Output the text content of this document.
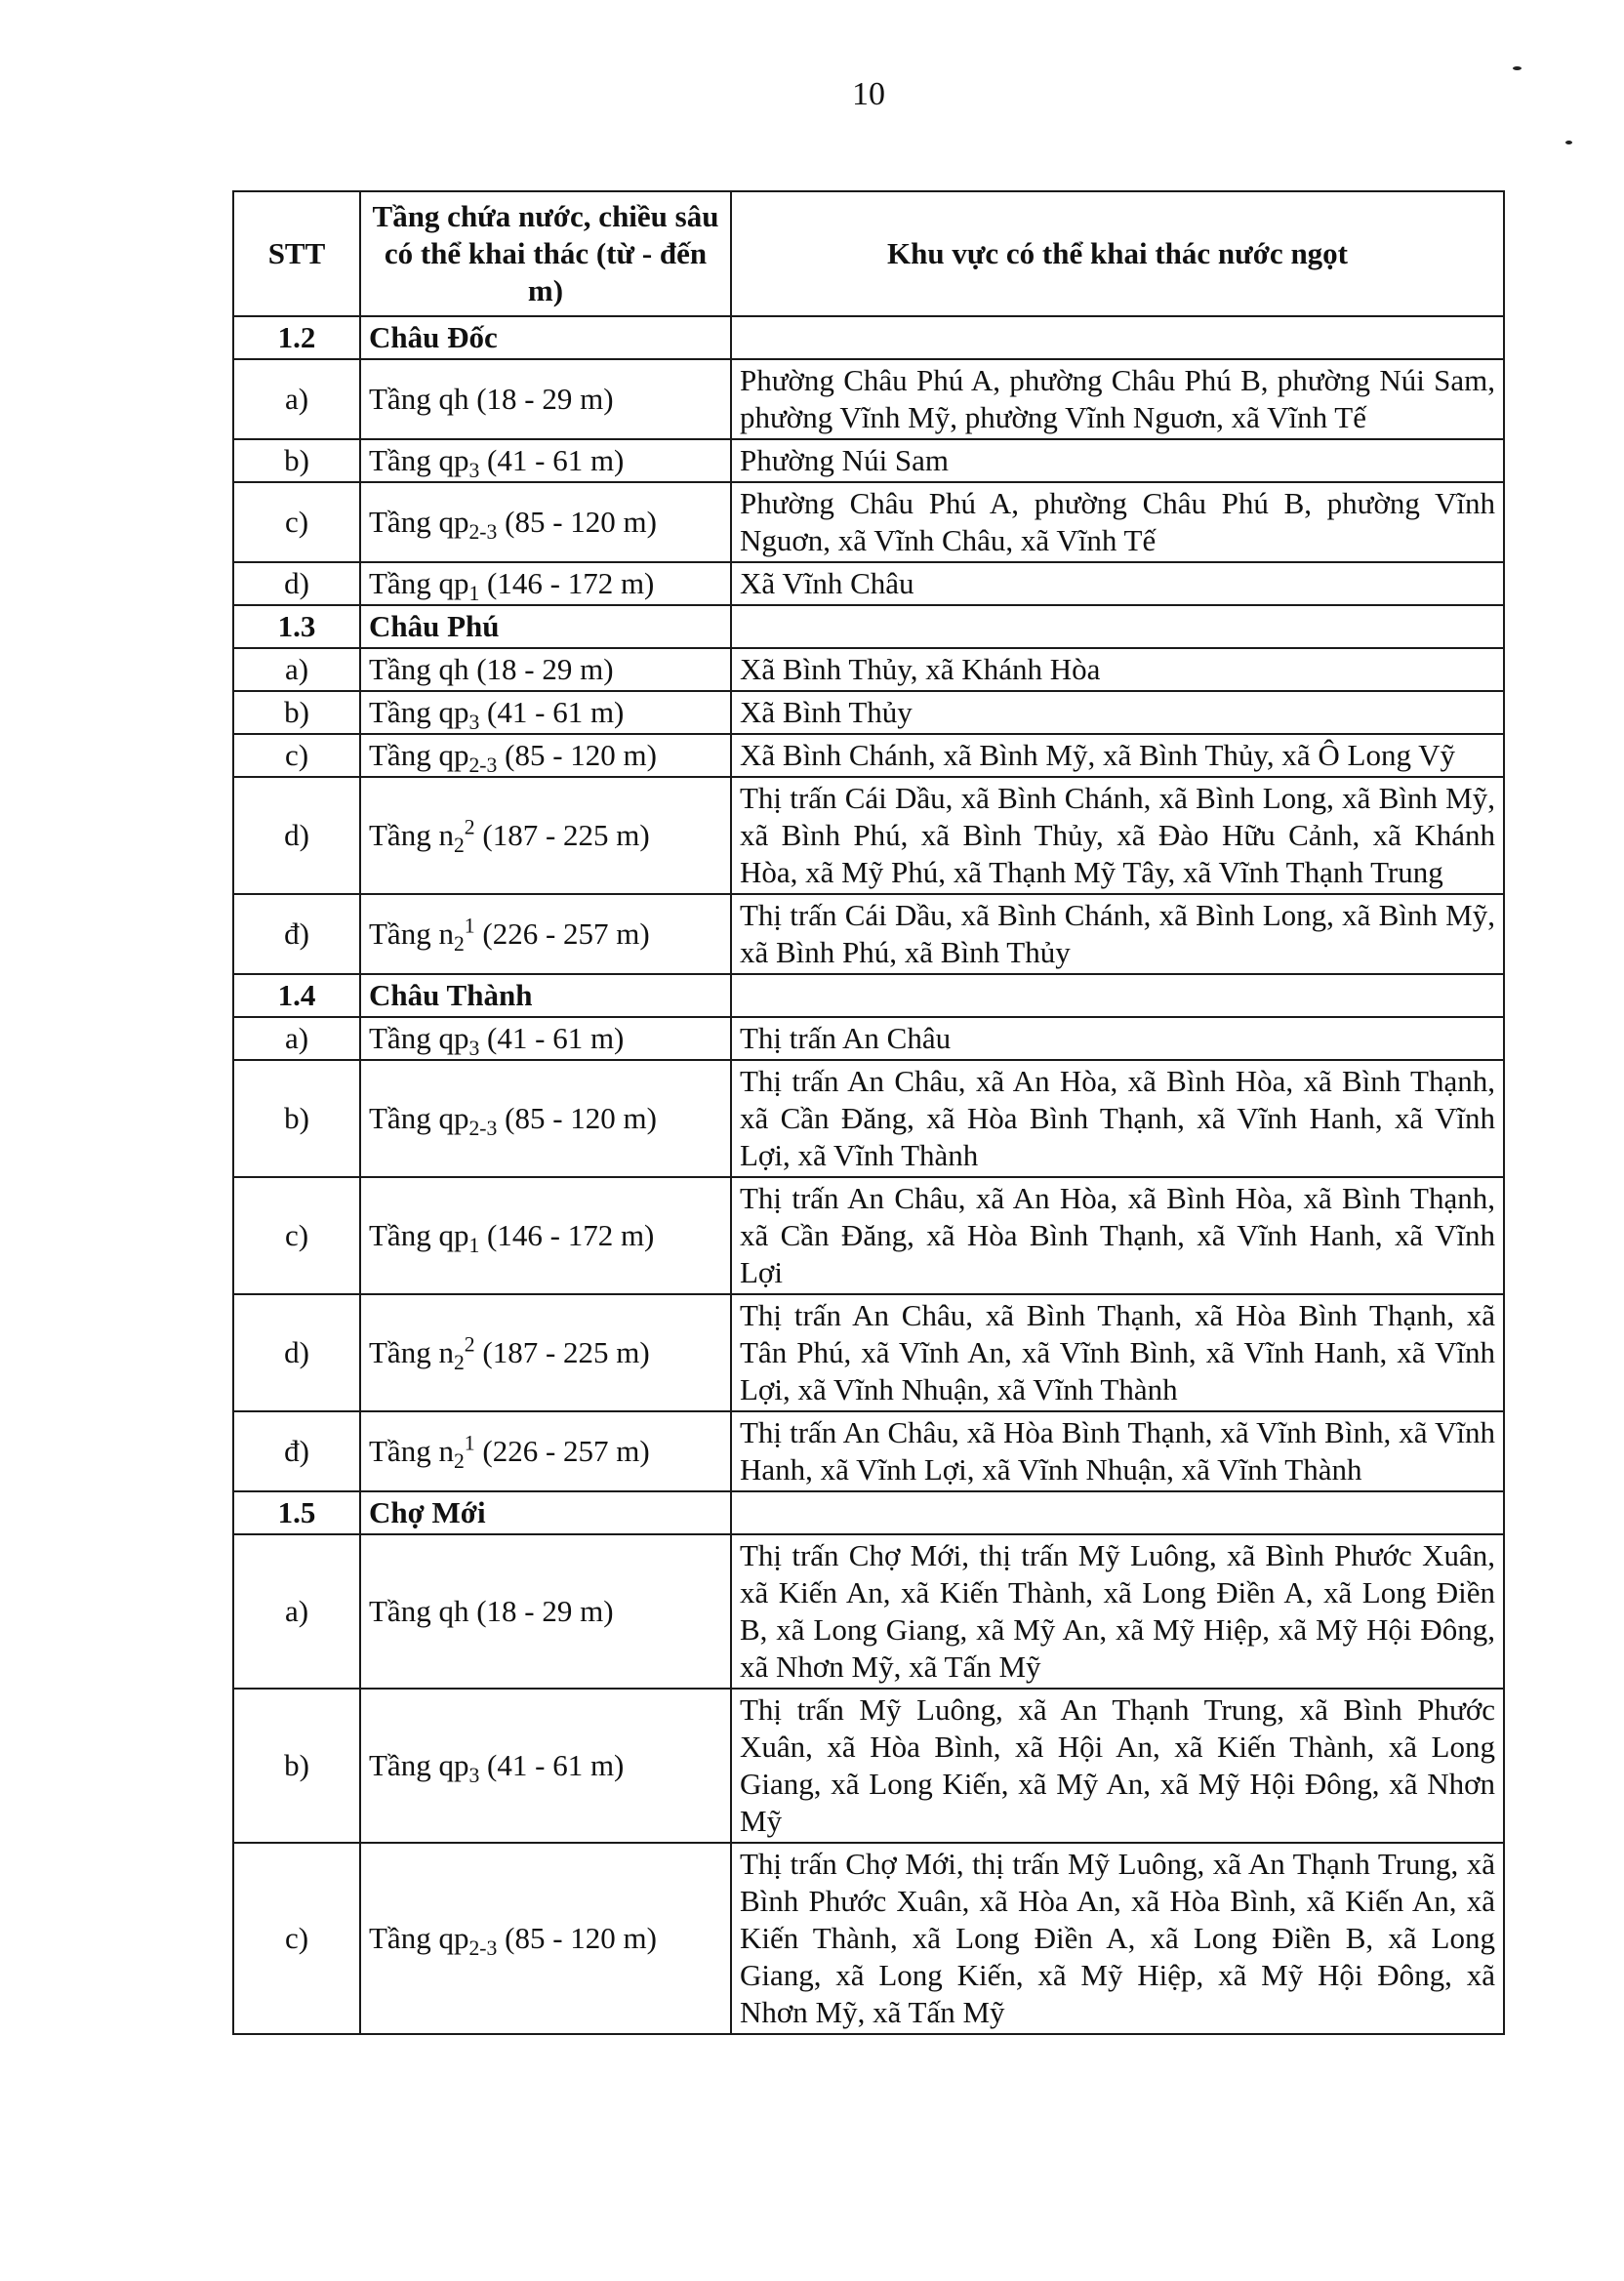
10
STT	Tầng chứa nước, chiều sâu có thể khai thác (từ - đến m)	Khu vực có thể khai thác nước ngọt
1.2	Châu Đốc	
a)	Tầng qh (18 - 29 m)	Phường Châu Phú A, phường Châu Phú B, phường Núi Sam, phường Vĩnh Mỹ, phường Vĩnh Nguơn, xã Vĩnh Tế
b)	Tầng $qp_3$ (41 - 61 m)	Phường Núi Sam
c)	Tầng $qp_{2-3}$ (85 - 120 m)	Phường Châu Phú A, phường Châu Phú B, phường Vĩnh Nguơn, xã Vĩnh Châu, xã Vĩnh Tế
d)	Tầng $qp_1$ (146 - 172 m)	Xã Vĩnh Châu
1.3	Châu Phú	
a)	Tầng qh (18 - 29 m)	Xã Bình Thủy, xã Khánh Hòa
b)	Tầng $qp_3$ (41 - 61 m)	Xã Bình Thủy
c)	Tầng $qp_{2-3}$ (85 - 120 m)	Xã Bình Chánh, xã Bình Mỹ, xã Bình Thủy, xã Ô Long Vỹ
d)	Tầng $n_2^2$ (187 - 225 m)	Thị trấn Cái Dầu, xã Bình Chánh, xã Bình Long, xã Bình Mỹ, xã Bình Phú, xã Bình Thủy, xã Đào Hữu Cảnh, xã Khánh Hòa, xã Mỹ Phú, xã Thạnh Mỹ Tây, xã Vĩnh Thạnh Trung
đ)	Tầng $n_2^1$ (226 - 257 m)	Thị trấn Cái Dầu, xã Bình Chánh, xã Bình Long, xã Bình Mỹ, xã Bình Phú, xã Bình Thủy
1.4	Châu Thành	
a)	Tầng $qp_3$ (41 - 61 m)	Thị trấn An Châu
b)	Tầng $qp_{2-3}$ (85 - 120 m)	Thị trấn An Châu, xã An Hòa, xã Bình Hòa, xã Bình Thạnh, xã Cần Đăng, xã Hòa Bình Thạnh, xã Vĩnh Hanh, xã Vĩnh Lợi, xã Vĩnh Thành
c)	Tầng $qp_1$ (146 - 172 m)	Thị trấn An Châu, xã An Hòa, xã Bình Hòa, xã Bình Thạnh, xã Cần Đăng, xã Hòa Bình Thạnh, xã Vĩnh Hanh, xã Vĩnh Lợi
d)	Tầng $n_2^2$ (187 - 225 m)	Thị trấn An Châu, xã Bình Thạnh, xã Hòa Bình Thạnh, xã Tân Phú, xã Vĩnh An, xã Vĩnh Bình, xã Vĩnh Hanh, xã Vĩnh Lợi, xã Vĩnh Nhuận, xã Vĩnh Thành
đ)	Tầng $n_2^1$ (226 - 257 m)	Thị trấn An Châu, xã Hòa Bình Thạnh, xã Vĩnh Bình, xã Vĩnh Hanh, xã Vĩnh Lợi, xã Vĩnh Nhuận, xã Vĩnh Thành
1.5	Chợ Mới	
a)	Tầng qh (18 - 29 m)	Thị trấn Chợ Mới, thị trấn Mỹ Luông, xã Bình Phước Xuân, xã Kiến An, xã Kiến Thành, xã Long Điền A, xã Long Điền B, xã Long Giang, xã Mỹ An, xã Mỹ Hiệp, xã Mỹ Hội Đông, xã Nhơn Mỹ, xã Tấn Mỹ
b)	Tầng $qp_3$ (41 - 61 m)	Thị trấn Mỹ Luông, xã An Thạnh Trung, xã Bình Phước Xuân, xã Hòa Bình, xã Hội An, xã Kiến Thành, xã Long Giang, xã Long Kiến, xã Mỹ An, xã Mỹ Hội Đông, xã Nhơn Mỹ
c)	Tầng $qp_{2-3}$ (85 - 120 m)	Thị trấn Chợ Mới, thị trấn Mỹ Luông, xã An Thạnh Trung, xã Bình Phước Xuân, xã Hòa An, xã Hòa Bình, xã Kiến An, xã Kiến Thành, xã Long Điền A, xã Long Điền B, xã Long Giang, xã Long Kiến, xã Mỹ Hiệp, xã Mỹ Hội Đông, xã Nhơn Mỹ, xã Tấn Mỹ
